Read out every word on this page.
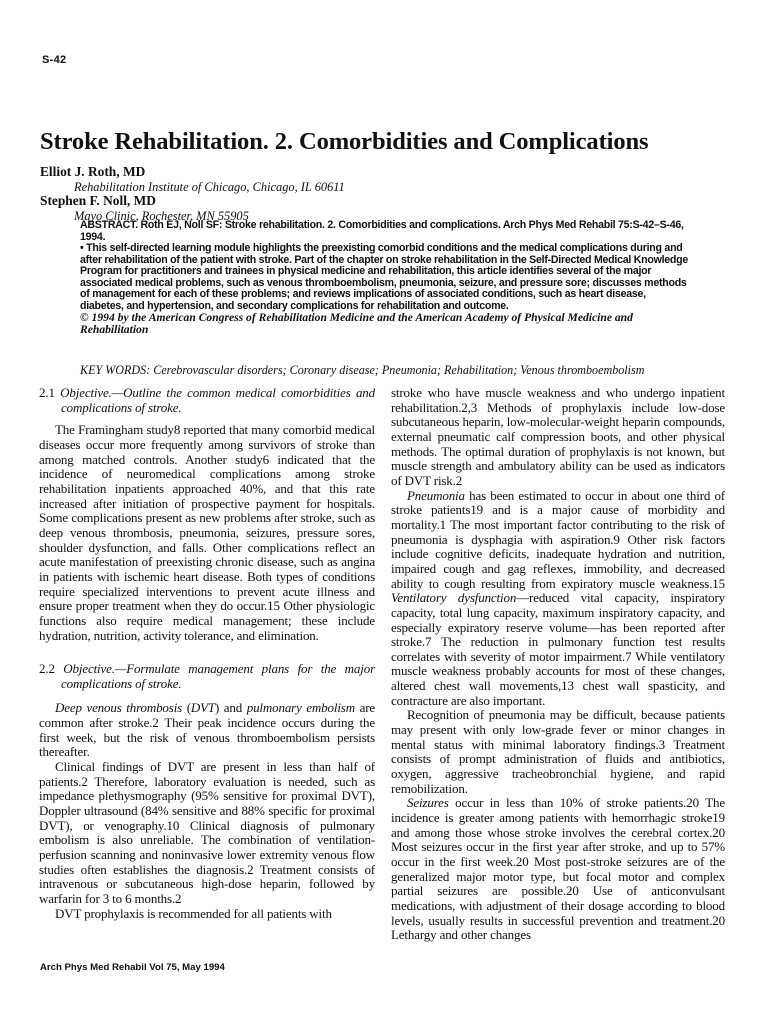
S-42
Stroke Rehabilitation. 2. Comorbidities and Complications
Elliot J. Roth, MD
Rehabilitation Institute of Chicago, Chicago, IL 60611
Stephen F. Noll, MD
Mayo Clinic, Rochester, MN 55905

ABSTRACT. Roth EJ, Noll SF: Stroke rehabilitation. 2. Comorbidities and complications. Arch Phys Med Rehabil 75:S-42–S-46, 1994.

• This self-directed learning module highlights the preexisting comorbid conditions and the medical complications during and after rehabilitation of the patient with stroke. Part of the chapter on stroke rehabilitation in the Self-Directed Medical Knowledge Program for practitioners and trainees in physical medicine and rehabilitation, this article identifies several of the major associated medical problems, such as venous thromboembolism, pneumonia, seizure, and pressure sore; discusses methods of management for each of these problems; and reviews implications of associated conditions, such as heart disease, diabetes, and hypertension, and secondary complications for rehabilitation and outcome.

© 1994 by the American Congress of Rehabilitation Medicine and the American Academy of Physical Medicine and Rehabilitation

KEY WORDS: Cerebrovascular disorders; Coronary disease; Pneumonia; Rehabilitation; Venous thromboembolism

2.1 Objective.—Outline the common medical comorbidities and complications of stroke.

The Framingham study8 reported that many comorbid medical diseases occur more frequently among survivors of stroke than among matched controls. Another study6 indicated that the incidence of neuromedical complications among stroke rehabilitation inpatients approached 40%, and that this rate increased after initiation of prospective payment for hospitals. Some complications present as new problems after stroke, such as deep venous thrombosis, pneumonia, seizures, pressure sores, shoulder dysfunction, and falls. Other complications reflect an acute manifestation of preexisting chronic disease, such as angina in patients with ischemic heart disease. Both types of conditions require specialized interventions to prevent acute illness and ensure proper treatment when they do occur.15 Other physiologic functions also require medical management; these include hydration, nutrition, activity tolerance, and elimination.

2.2 Objective.—Formulate management plans for the major complications of stroke.

Deep venous thrombosis (DVT) and pulmonary embolism are common after stroke.2 Their peak incidence occurs during the first week, but the risk of venous thromboembolism persists thereafter.

Clinical findings of DVT are present in less than half of patients.2 Therefore, laboratory evaluation is needed, such as impedance plethysmography (95% sensitive for proximal DVT), Doppler ultrasound (84% sensitive and 88% specific for proximal DVT), or venography.10 Clinical diagnosis of pulmonary embolism is also unreliable. The combination of ventilation-perfusion scanning and noninvasive lower extremity venous flow studies often establishes the diagnosis.2 Treatment consists of intravenous or subcutaneous high-dose heparin, followed by warfarin for 3 to 6 months.2

DVT prophylaxis is recommended for all patients with

stroke who have muscle weakness and who undergo inpatient rehabilitation.2,3 Methods of prophylaxis include low-dose subcutaneous heparin, low-molecular-weight heparin compounds, external pneumatic calf compression boots, and other physical methods. The optimal duration of prophylaxis is not known, but muscle strength and ambulatory ability can be used as indicators of DVT risk.2

Pneumonia has been estimated to occur in about one third of stroke patients19 and is a major cause of morbidity and mortality.1 The most important factor contributing to the risk of pneumonia is dysphagia with aspiration.9 Other risk factors include cognitive deficits, inadequate hydration and nutrition, impaired cough and gag reflexes, immobility, and decreased ability to cough resulting from expiratory muscle weakness.15 Ventilatory dysfunction—reduced vital capacity, inspiratory capacity, total lung capacity, maximum inspiratory capacity, and especially expiratory reserve volume—has been reported after stroke.7 The reduction in pulmonary function test results correlates with severity of motor impairment.7 While ventilatory muscle weakness probably accounts for most of these changes, altered chest wall movements,13 chest wall spasticity, and contracture are also important.

Recognition of pneumonia may be difficult, because patients may present with only low-grade fever or minor changes in mental status with minimal laboratory findings.3 Treatment consists of prompt administration of fluids and antibiotics, oxygen, aggressive tracheobronchial hygiene, and rapid remobilization.

Seizures occur in less than 10% of stroke patients.20 The incidence is greater among patients with hemorrhagic stroke19 and among those whose stroke involves the cerebral cortex.20 Most seizures occur in the first year after stroke, and up to 57% occur in the first week.20 Most post-stroke seizures are of the generalized major motor type, but focal motor and complex partial seizures are possible.20 Use of anticonvulsant medications, with adjustment of their dosage according to blood levels, usually results in successful prevention and treatment.20 Lethargy and other changes

Arch Phys Med Rehabil Vol 75, May 1994
